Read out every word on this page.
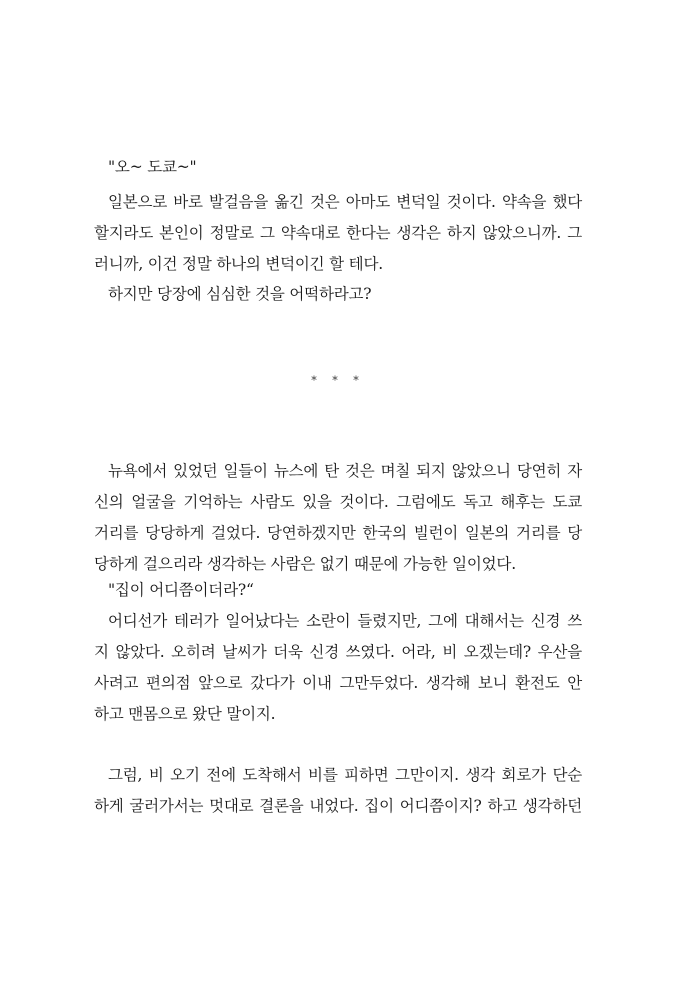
"오~ 도쿄~"
일본으로 바로 발걸음을 옮긴 것은 아마도 변덕일 것이다. 약속을 했다
할지라도 본인이 정말로 그 약속대로 한다는 생각은 하지 않았으니까. 그
러니까, 이건 정말 하나의 변덕이긴 할 테다.
하지만 당장에 심심한 것을 어떡하라고?
* * *
뉴욕에서 있었던 일들이 뉴스에 탄 것은 며칠 되지 않았으니 당연히 자
신의 얼굴을 기억하는 사람도 있을 것이다. 그럼에도 독고 해후는 도쿄
거리를 당당하게 걸었다. 당연하겠지만 한국의 빌런이 일본의 거리를 당
당하게 걸으리라 생각하는 사람은 없기 때문에 가능한 일이었다.
"집이 어디쯤이더라?“
어디선가 테러가 일어났다는 소란이 들렸지만, 그에 대해서는 신경 쓰
지 않았다. 오히려 날씨가 더욱 신경 쓰였다. 어라, 비 오겠는데? 우산을
사려고 편의점 앞으로 갔다가 이내 그만두었다. 생각해 보니 환전도 안
하고 맨몸으로 왔단 말이지.
그럼, 비 오기 전에 도착해서 비를 피하면 그만이지. 생각 회로가 단순
하게 굴러가서는 멋대로 결론을 내었다. 집이 어디쯤이지? 하고 생각하던
